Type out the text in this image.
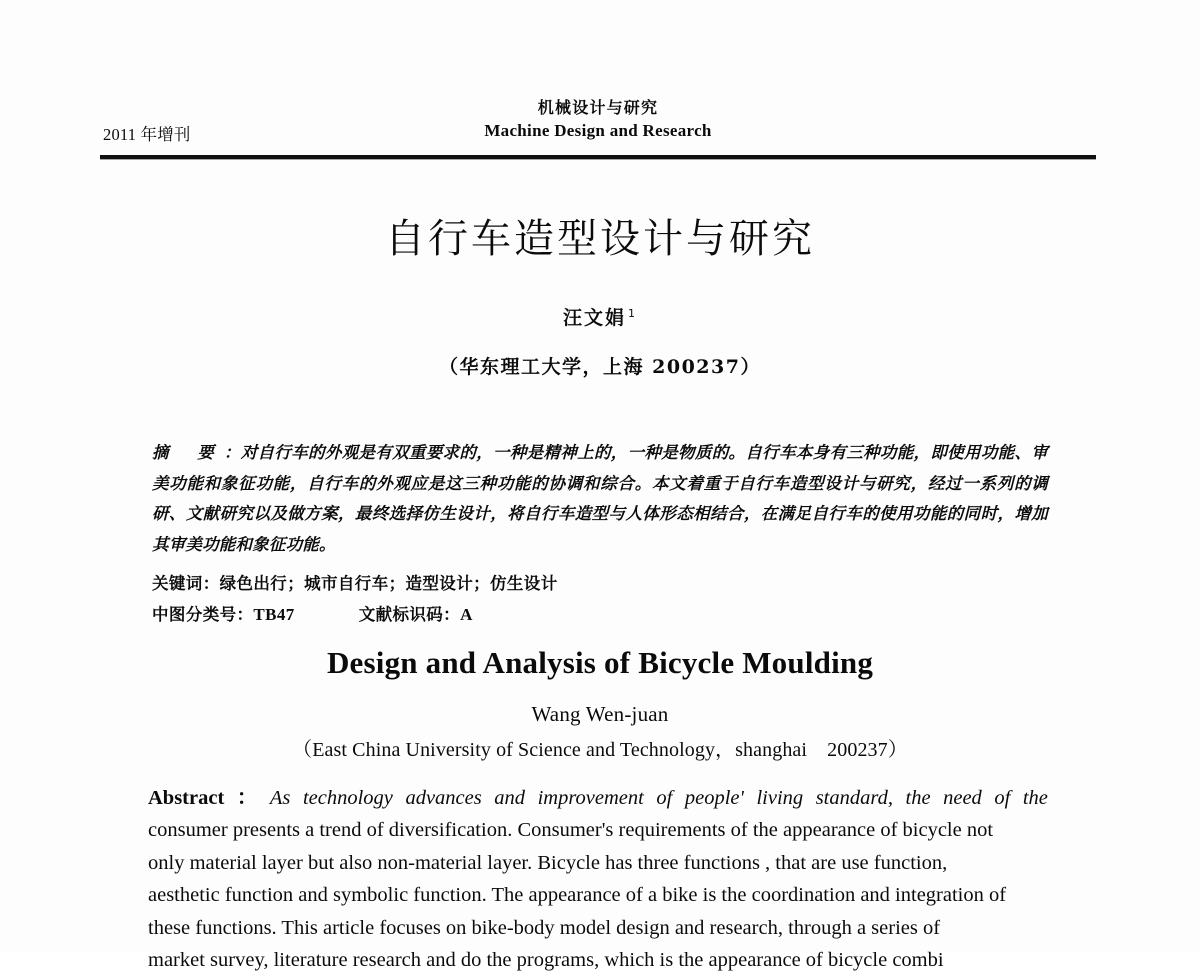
2011 年增刊
机械设计与研究
Machine Design and Research
自行车造型设计与研究
汪文娟 $^1$
（华东理工大学，上海 200237）
摘　要 ：对自行车的外观是有双重要求的，一种是精神上的，一种是物质的。自行车本身有三种功能，即使用功能、审美功能和象征功能，自行车的外观应是这三种功能的协调和综合。本文着重于自行车造型设计与研究，经过一系列的调研、文献研究以及做方案，最终选择仿生设计，将自行车造型与人体形态相结合，在满足自行车的使用功能的同时，增加其审美功能和象征功能。
关键词：绿色出行；城市自行车；造型设计；仿生设计
中图分类号：TB47	文献标识码：A
Design and Analysis of Bicycle Moulding
Wang Wen-juan
（East China University of Science and Technology，shanghai　200237）
Abstract ： As technology advances and improvement of people' living standard, the need of the
consumer presents a trend of diversification. Consumer's requirements of the appearance of bicycle not
only material layer but also non-material layer. Bicycle has three functions , that are use function,
aesthetic function and symbolic function. The appearance of a bike is the coordination and integration of
these functions. This article focuses on bike-body model design and research, through a series of
market survey, literature research and do the programs, which is the appearance of bicycle combi
